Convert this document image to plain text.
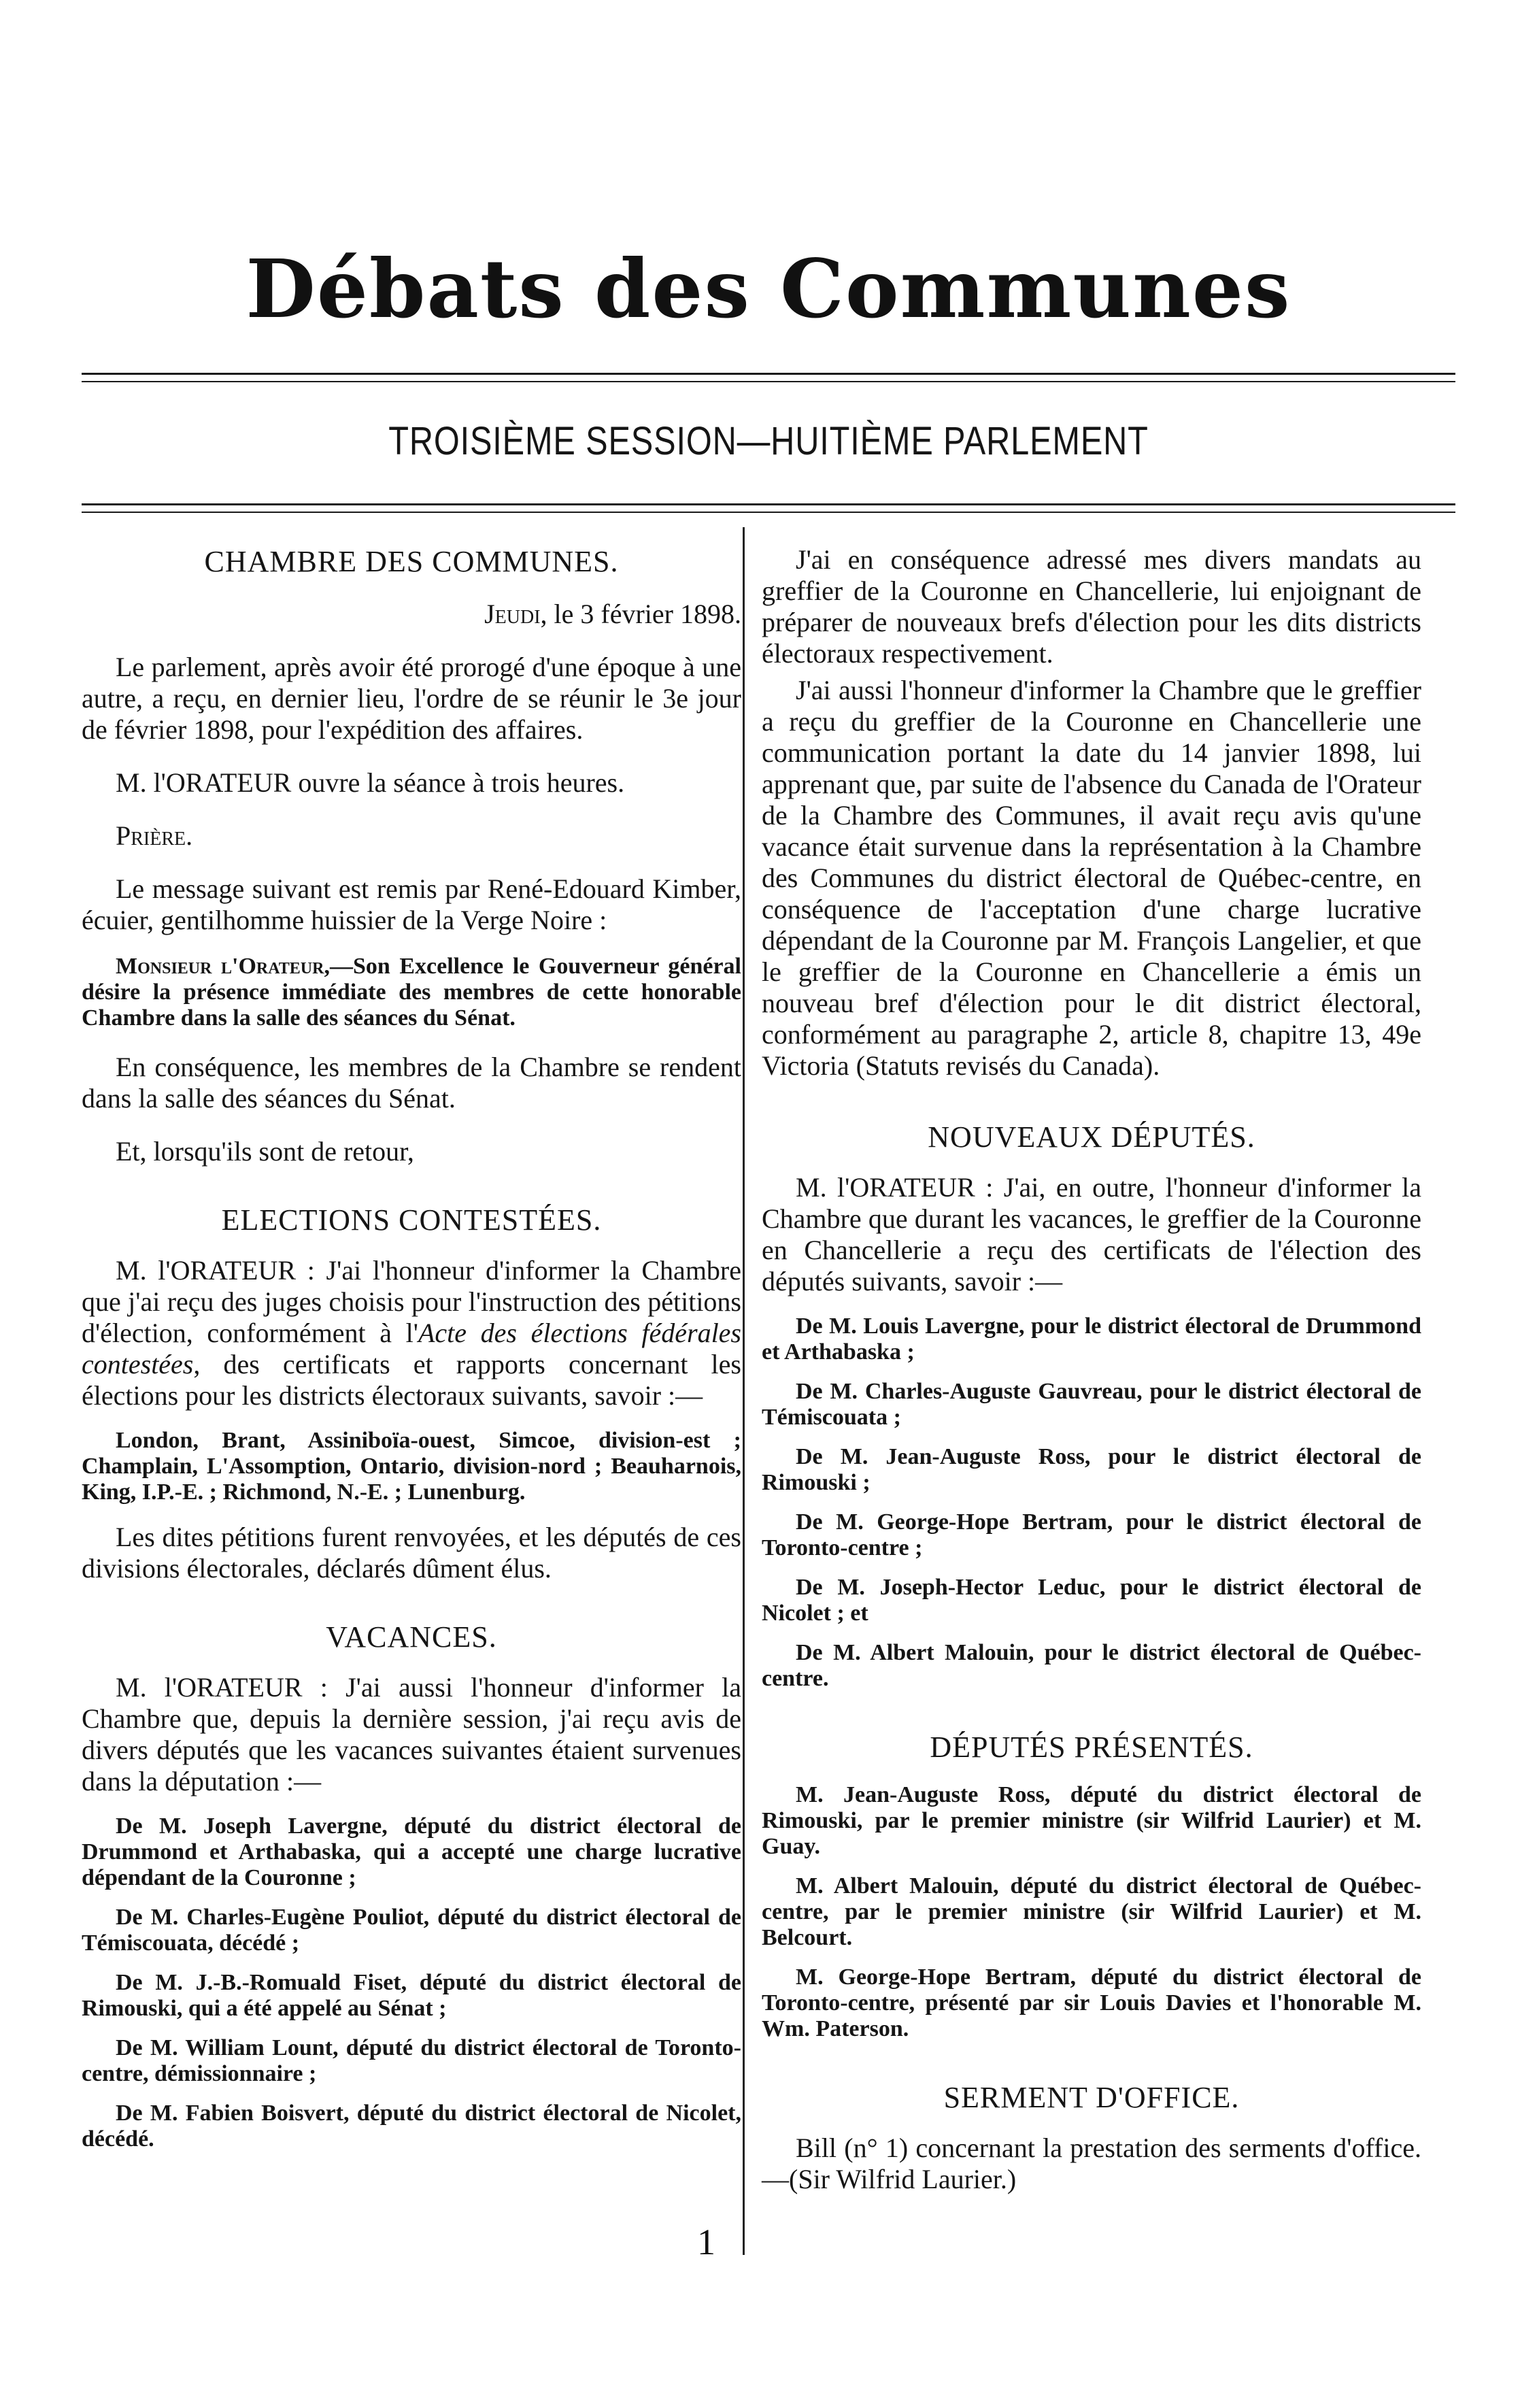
Débats des Communes
TROISIÈME SESSION—HUITIÈME PARLEMENT
CHAMBRE DES COMMUNES.
Jeudi, le 3 février 1898.

Le parlement, après avoir été prorogé d'une époque à une autre, a reçu, en dernier lieu, l'ordre de se réunir le 3e jour de février 1898, pour l'expédition des affaires.

M. l'ORATEUR ouvre la séance à trois heures.

Prière.

Le message suivant est remis par René-Edouard Kimber, écuier, gentilhomme huissier de la Verge Noire :

Monsieur l'Orateur,—Son Excellence le Gouverneur général désire la présence immédiate des membres de cette honorable Chambre dans la salle des séances du Sénat.

En conséquence, les membres de la Chambre se rendent dans la salle des séances du Sénat.

Et, lorsqu'ils sont de retour,

ELECTIONS CONTESTÉES.

M. l'ORATEUR : J'ai l'honneur d'informer la Chambre que j'ai reçu des juges choisis pour l'instruction des pétitions d'élection, conformément à l'Acte des élections fédérales contestées, des certificats et rapports concernant les élections pour les districts électoraux suivants, savoir :—

London, Brant, Assiniboïa-ouest, Simcoe, division-est ; Champlain, L'Assomption, Ontario, division-nord ; Beauharnois, King, I.P.-E. ; Richmond, N.-E. ; Lunenburg.

Les dites pétitions furent renvoyées, et les députés de ces divisions électorales, déclarés dûment élus.

VACANCES.

M. l'ORATEUR : J'ai aussi l'honneur d'informer la Chambre que, depuis la dernière session, j'ai reçu avis de divers députés que les vacances suivantes étaient survenues dans la députation :—

De M. Joseph Lavergne, député du district électoral de Drummond et Arthabaska, qui a accepté une charge lucrative dépendant de la Couronne ;

De M. Charles-Eugène Pouliot, député du district électoral de Témiscouata, décédé ;

De M. J.-B.-Romuald Fiset, député du district électoral de Rimouski, qui a été appelé au Sénat ;

De M. William Lount, député du district électoral de Toronto-centre, démissionnaire ;

De M. Fabien Boisvert, député du district électoral de Nicolet, décédé.

J'ai en conséquence adressé mes divers mandats au greffier de la Couronne en Chancellerie, lui enjoignant de préparer de nouveaux brefs d'élection pour les dits districts électoraux respectivement.

J'ai aussi l'honneur d'informer la Chambre que le greffier a reçu du greffier de la Couronne en Chancellerie une communication portant la date du 14 janvier 1898, lui apprenant que, par suite de l'absence du Canada de l'Orateur de la Chambre des Communes, il avait reçu avis qu'une vacance était survenue dans la représentation à la Chambre des Communes du district électoral de Québec-centre, en conséquence de l'acceptation d'une charge lucrative dépendant de la Couronne par M. François Langelier, et que le greffier de la Couronne en Chancellerie a émis un nouveau bref d'élection pour le dit district électoral, conformément au paragraphe 2, article 8, chapitre 13, 49e Victoria (Statuts revisés du Canada).

NOUVEAUX DÉPUTÉS.

M. l'ORATEUR : J'ai, en outre, l'honneur d'informer la Chambre que durant les vacances, le greffier de la Couronne en Chancellerie a reçu des certificats de l'élection des députés suivants, savoir :—

De M. Louis Lavergne, pour le district électoral de Drummond et Arthabaska ;

De M. Charles-Auguste Gauvreau, pour le district électoral de Témiscouata ;

De M. Jean-Auguste Ross, pour le district électoral de Rimouski ;

De M. George-Hope Bertram, pour le district électoral de Toronto-centre ;

De M. Joseph-Hector Leduc, pour le district électoral de Nicolet ; et

De M. Albert Malouin, pour le district électoral de Québec-centre.

DÉPUTÉS PRÉSENTÉS.

M. Jean-Auguste Ross, député du district électoral de Rimouski, par le premier ministre (sir Wilfrid Laurier) et M. Guay.

M. Albert Malouin, député du district électoral de Québec-centre, par le premier ministre (sir Wilfrid Laurier) et M. Belcourt.

M. George-Hope Bertram, député du district électoral de Toronto-centre, présenté par sir Louis Davies et l'honorable M. Wm. Paterson.

SERMENT D'OFFICE.

Bill (n° 1) concernant la prestation des serments d'office.—(Sir Wilfrid Laurier.)

1
